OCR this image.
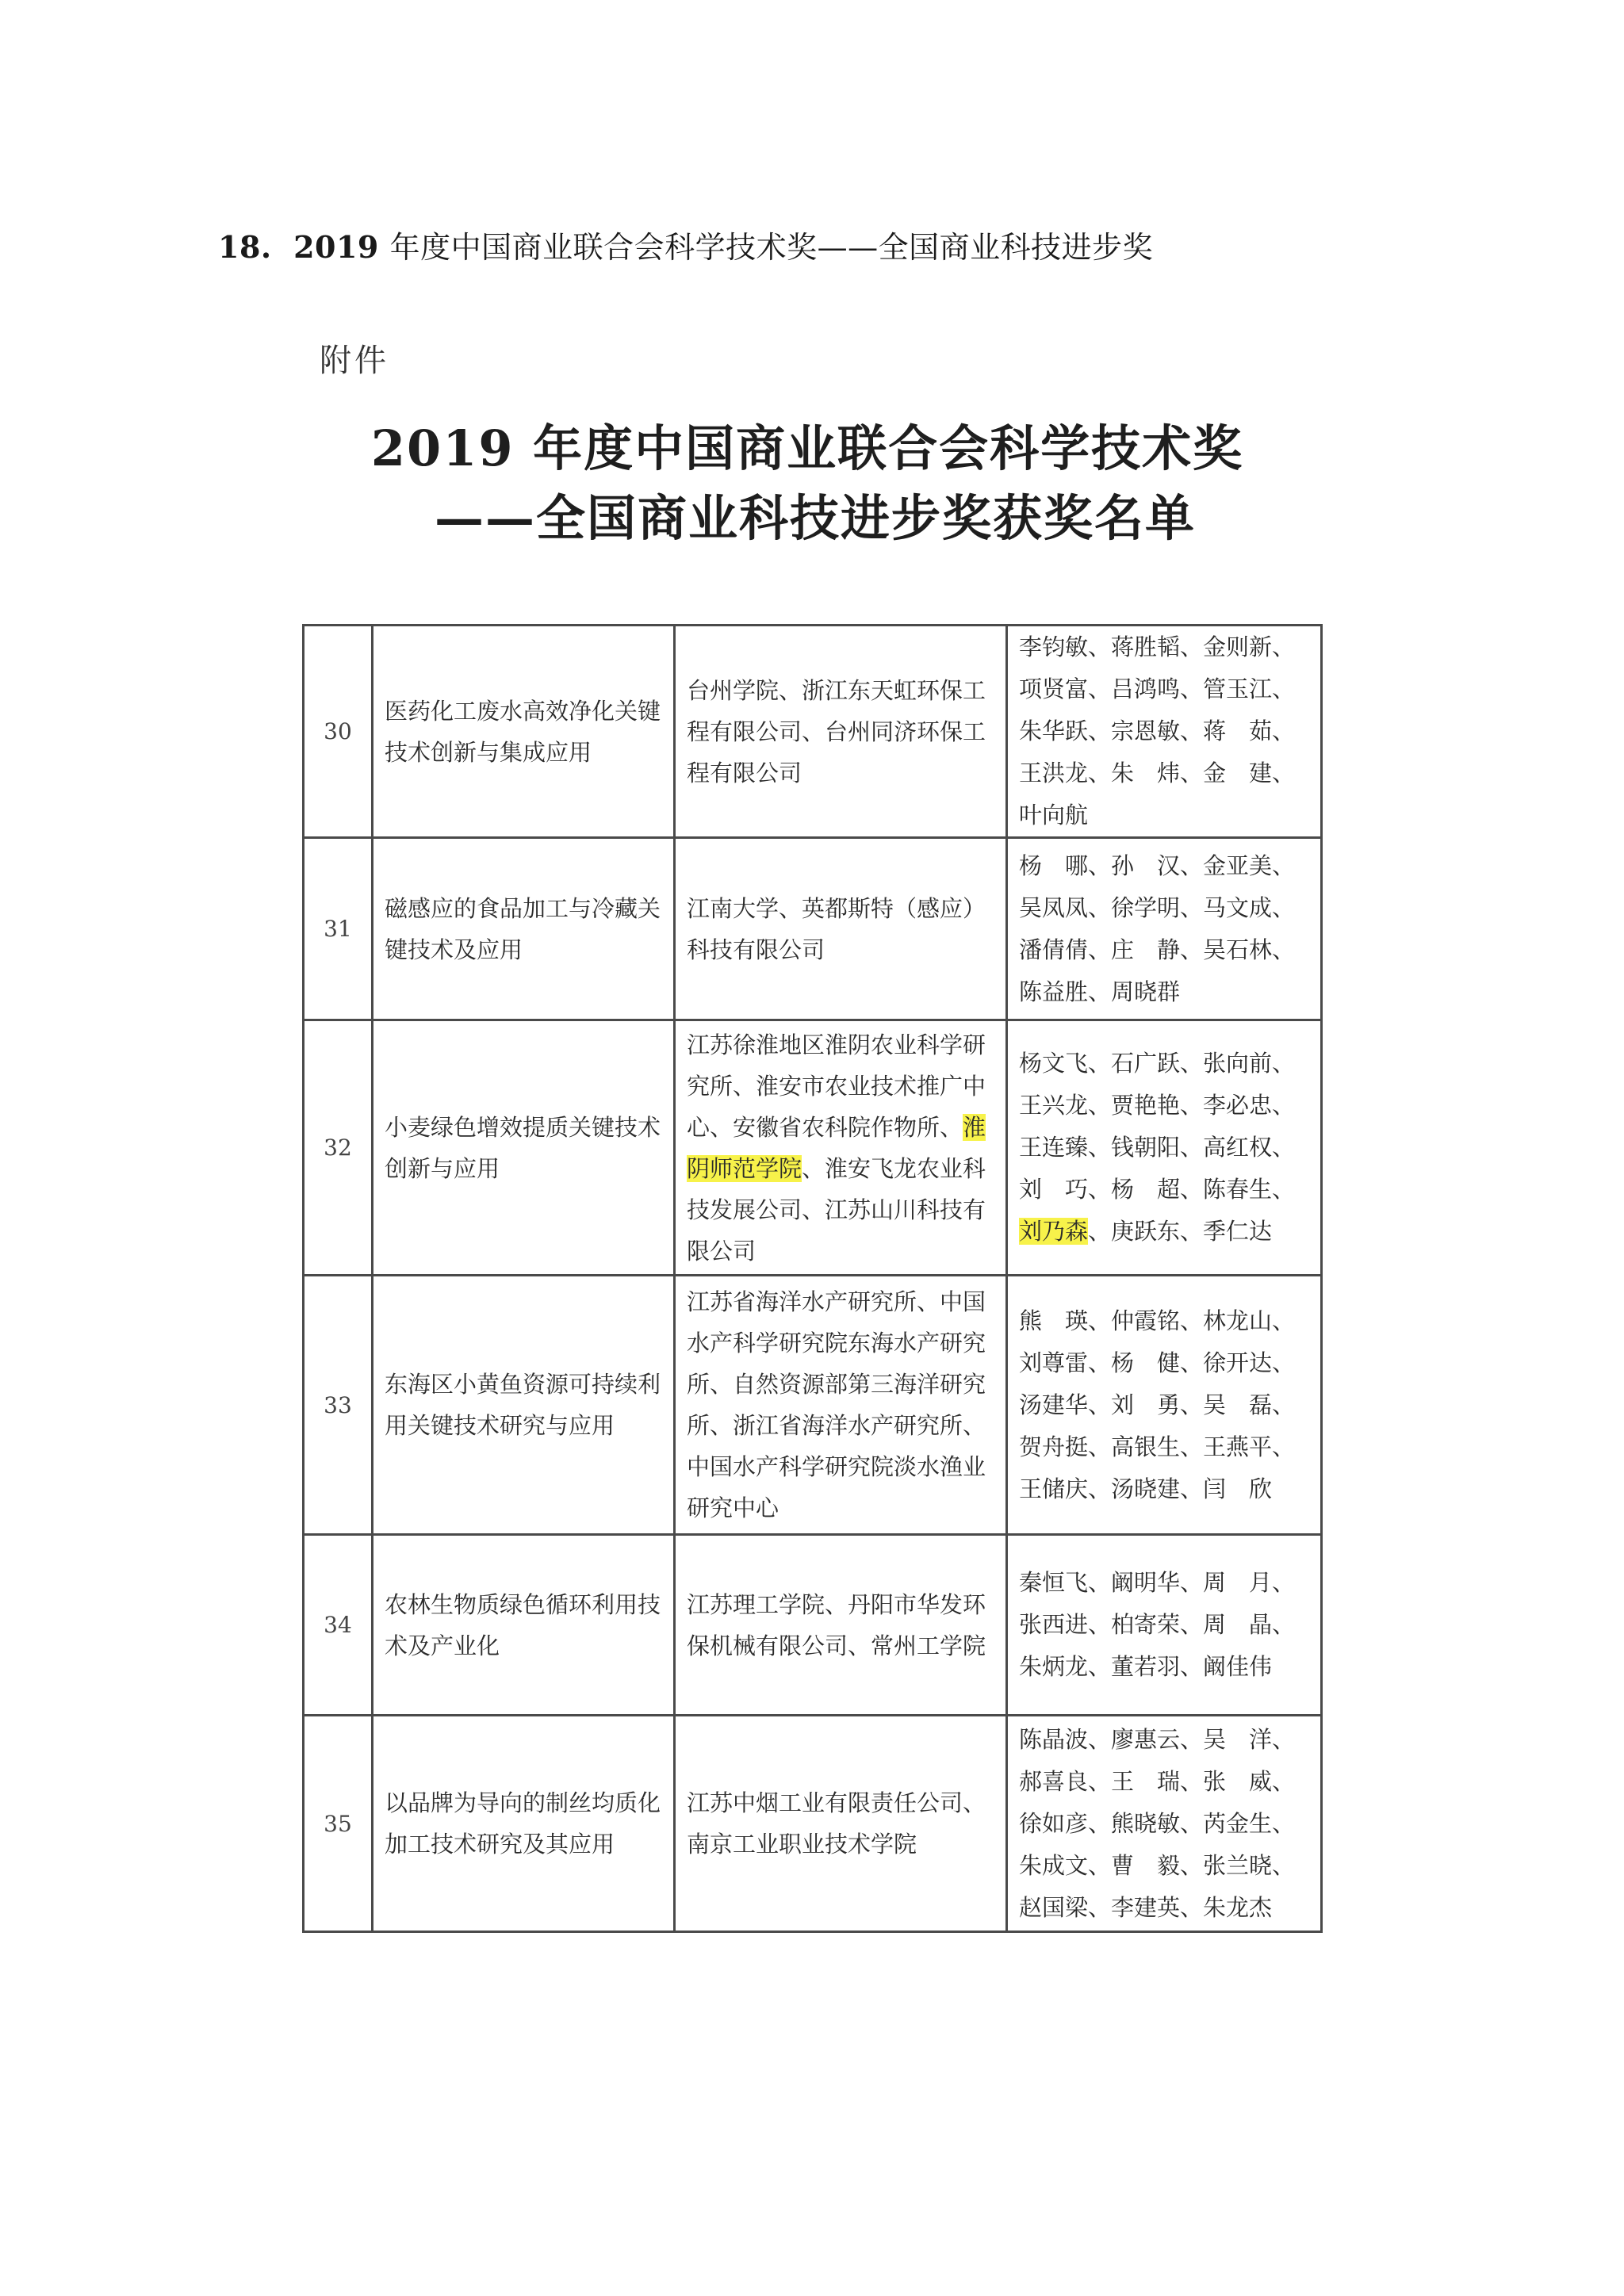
18. 2019 年度中国商业联合会科学技术奖——全国商业科技进步奖
附件
2019 年度中国商业联合会科学技术奖
——全国商业科技进步奖获奖名单
30	医药化工废水高效净化关键技术创新与集成应用	台州学院、浙江东天虹环保工程有限公司、台州同济环保工程有限公司	李钧敏、蒋胜韬、金则新、项贤富、吕鸿鸣、管玉江、朱华跃、宗恩敏、蒋　茹、王洪龙、朱　炜、金　建、叶向航
31	磁感应的食品加工与冷藏关键技术及应用	江南大学、英都斯特（感应）科技有限公司	杨　哪、孙　汉、金亚美、吴凤凤、徐学明、马文成、潘倩倩、庄　静、吴石林、陈益胜、周晓群
32	小麦绿色增效提质关键技术创新与应用	江苏徐淮地区淮阴农业科学研究所、淮安市农业技术推广中心、安徽省农科院作物所、淮阴师范学院、淮安飞龙农业科技发展公司、江苏山川科技有限公司	杨文飞、石广跃、张向前、王兴龙、贾艳艳、李必忠、王连臻、钱朝阳、高红权、刘　巧、杨　超、陈春生、刘乃森、庚跃东、季仁达
33	东海区小黄鱼资源可持续利用关键技术研究与应用	江苏省海洋水产研究所、中国水产科学研究院东海水产研究所、自然资源部第三海洋研究所、浙江省海洋水产研究所、中国水产科学研究院淡水渔业研究中心	熊　瑛、仲霞铭、林龙山、刘尊雷、杨　健、徐开达、汤建华、刘　勇、吴　磊、贺舟挺、高银生、王燕平、王储庆、汤晓建、闫　欣
34	农林生物质绿色循环利用技术及产业化	江苏理工学院、丹阳市华发环保机械有限公司、常州工学院	秦恒飞、阚明华、周　月、张西进、柏寄荣、周　晶、朱炳龙、董若羽、阚佳伟
35	以品牌为导向的制丝均质化加工技术研究及其应用	江苏中烟工业有限责任公司、南京工业职业技术学院	陈晶波、廖惠云、吴　洋、郝喜良、王　瑞、张　威、徐如彦、熊晓敏、芮金生、朱成文、曹　毅、张兰晓、赵国梁、李建英、朱龙杰
